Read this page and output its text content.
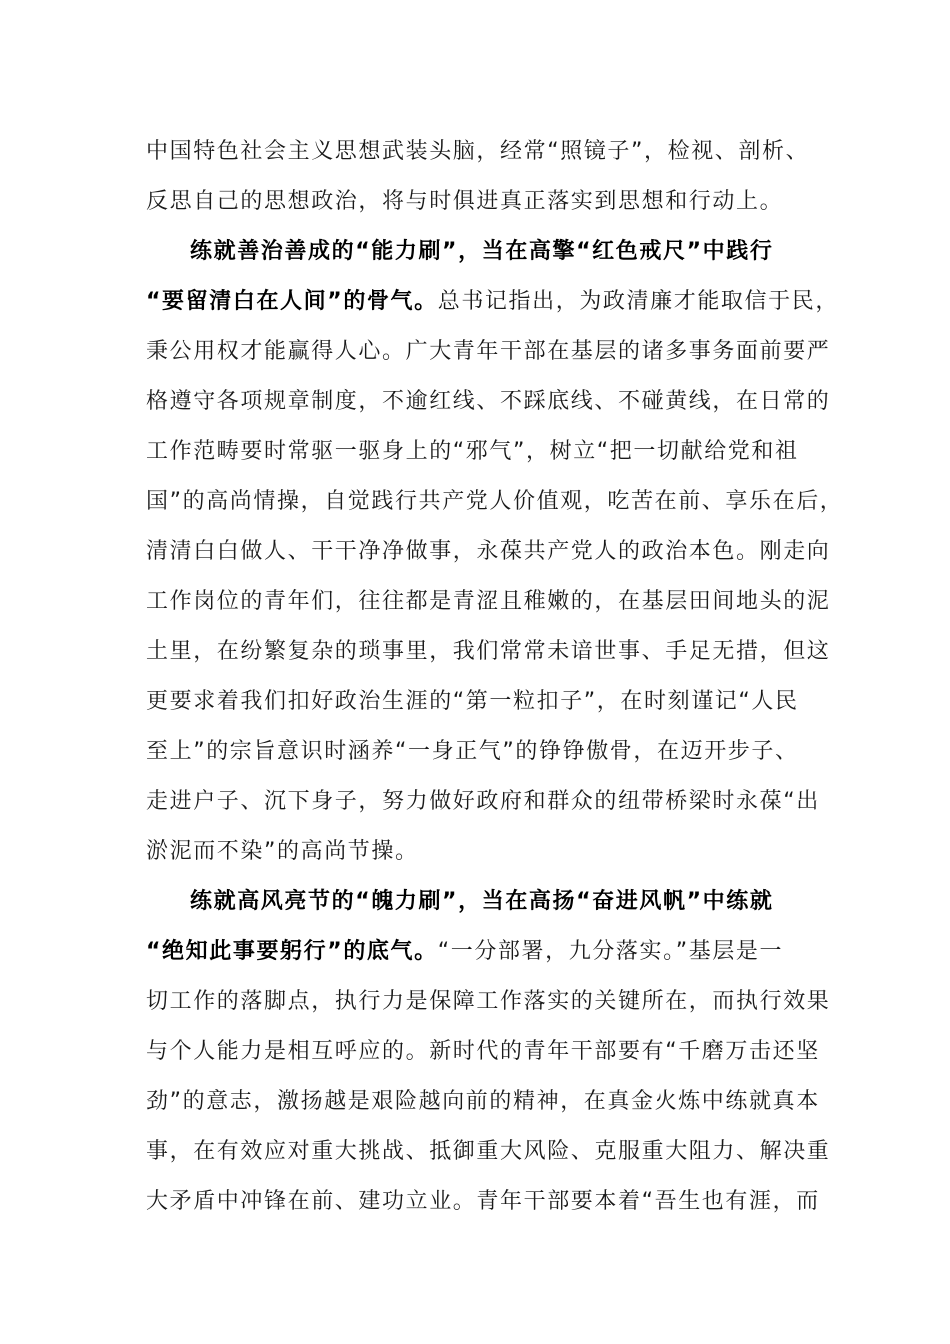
中国特色社会主义思想武装头脑，经常“照镜子”，检视、剖析、
反思自己的思想政治，将与时俱进真正落实到思想和行动上。
练就善治善成的“能力刷”，当在高擎“红色戒尺”中践行
“要留清白在人间”的骨气。总书记指出，为政清廉才能取信于民，
秉公用权才能赢得人心。广大青年干部在基层的诸多事务面前要严
格遵守各项规章制度，不逾红线、不踩底线、不碰黄线，在日常的
工作范畴要时常驱一驱身上的“邪气”，树立“把一切献给党和祖
国”的高尚情操，自觉践行共产党人价值观，吃苦在前、享乐在后，
清清白白做人、干干净净做事，永葆共产党人的政治本色。刚走向
工作岗位的青年们，往往都是青涩且稚嫩的，在基层田间地头的泥
土里，在纷繁复杂的琐事里，我们常常未谙世事、手足无措，但这
更要求着我们扣好政治生涯的“第一粒扣子”，在时刻谨记“人民
至上”的宗旨意识时涵养“一身正气”的铮铮傲骨，在迈开步子、
走进户子、沉下身子，努力做好政府和群众的纽带桥梁时永葆“出
淤泥而不染”的高尚节操。
练就高风亮节的“魄力刷”，当在高扬“奋进风帆”中练就
“绝知此事要躬行”的底气。“一分部署，九分落实。”基层是一
切工作的落脚点，执行力是保障工作落实的关键所在，而执行效果
与个人能力是相互呼应的。新时代的青年干部要有“千磨万击还坚
劲”的意志，激扬越是艰险越向前的精神，在真金火炼中练就真本
事，在有效应对重大挑战、抵御重大风险、克服重大阻力、解决重
大矛盾中冲锋在前、建功立业。青年干部要本着“吾生也有涯，而
